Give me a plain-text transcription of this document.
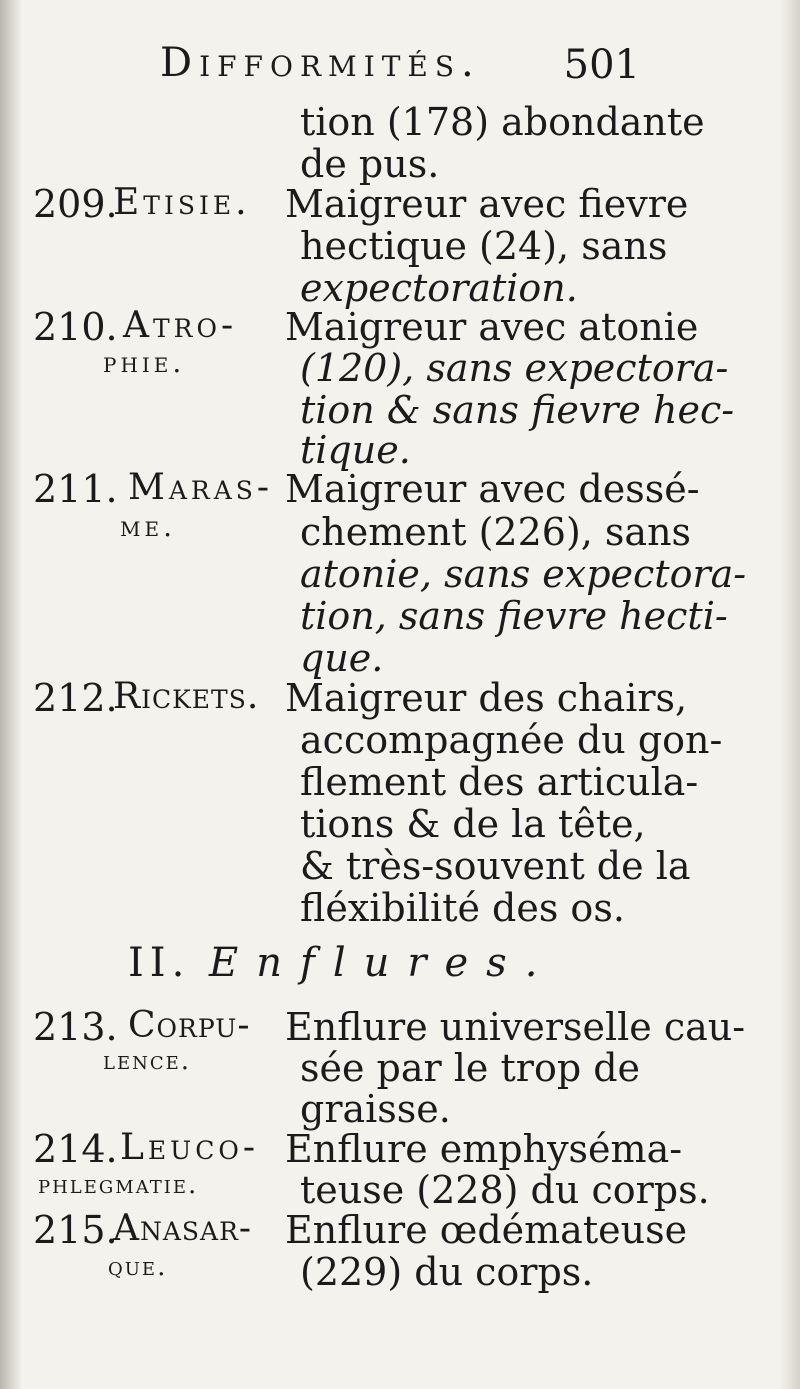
Difformités. 501
tion (178) abondante
de pus.
209.
Etisie. Maigreur avec fievre
hectique (24), sans
expectoration.
210. Atro-
phie.
Maigreur avec atonie
(120), sans expectora-
tion & sans fievre hec-
tique.
211. Maras-
me.
Maigreur avec dessé-
chement (226), sans
atonie, sans expectora-
tion, sans fievre hecti-
que.
212.
Rickets. Maigreur des chairs,
accompagnée du gon-
flement des articula-
tions & de la tête,
& très-souvent de la
fléxibilité des os.
II. Enflures.
213. Corpu-
lence.
Enflure universelle cau-
sée par le trop de
graisse.
214. Leuco-
phlegmatie.
Enflure emphyséma-
teuse (228) du corps.
215.
Anasar-
que.
Enflure œdémateuse
(229) du corps.
